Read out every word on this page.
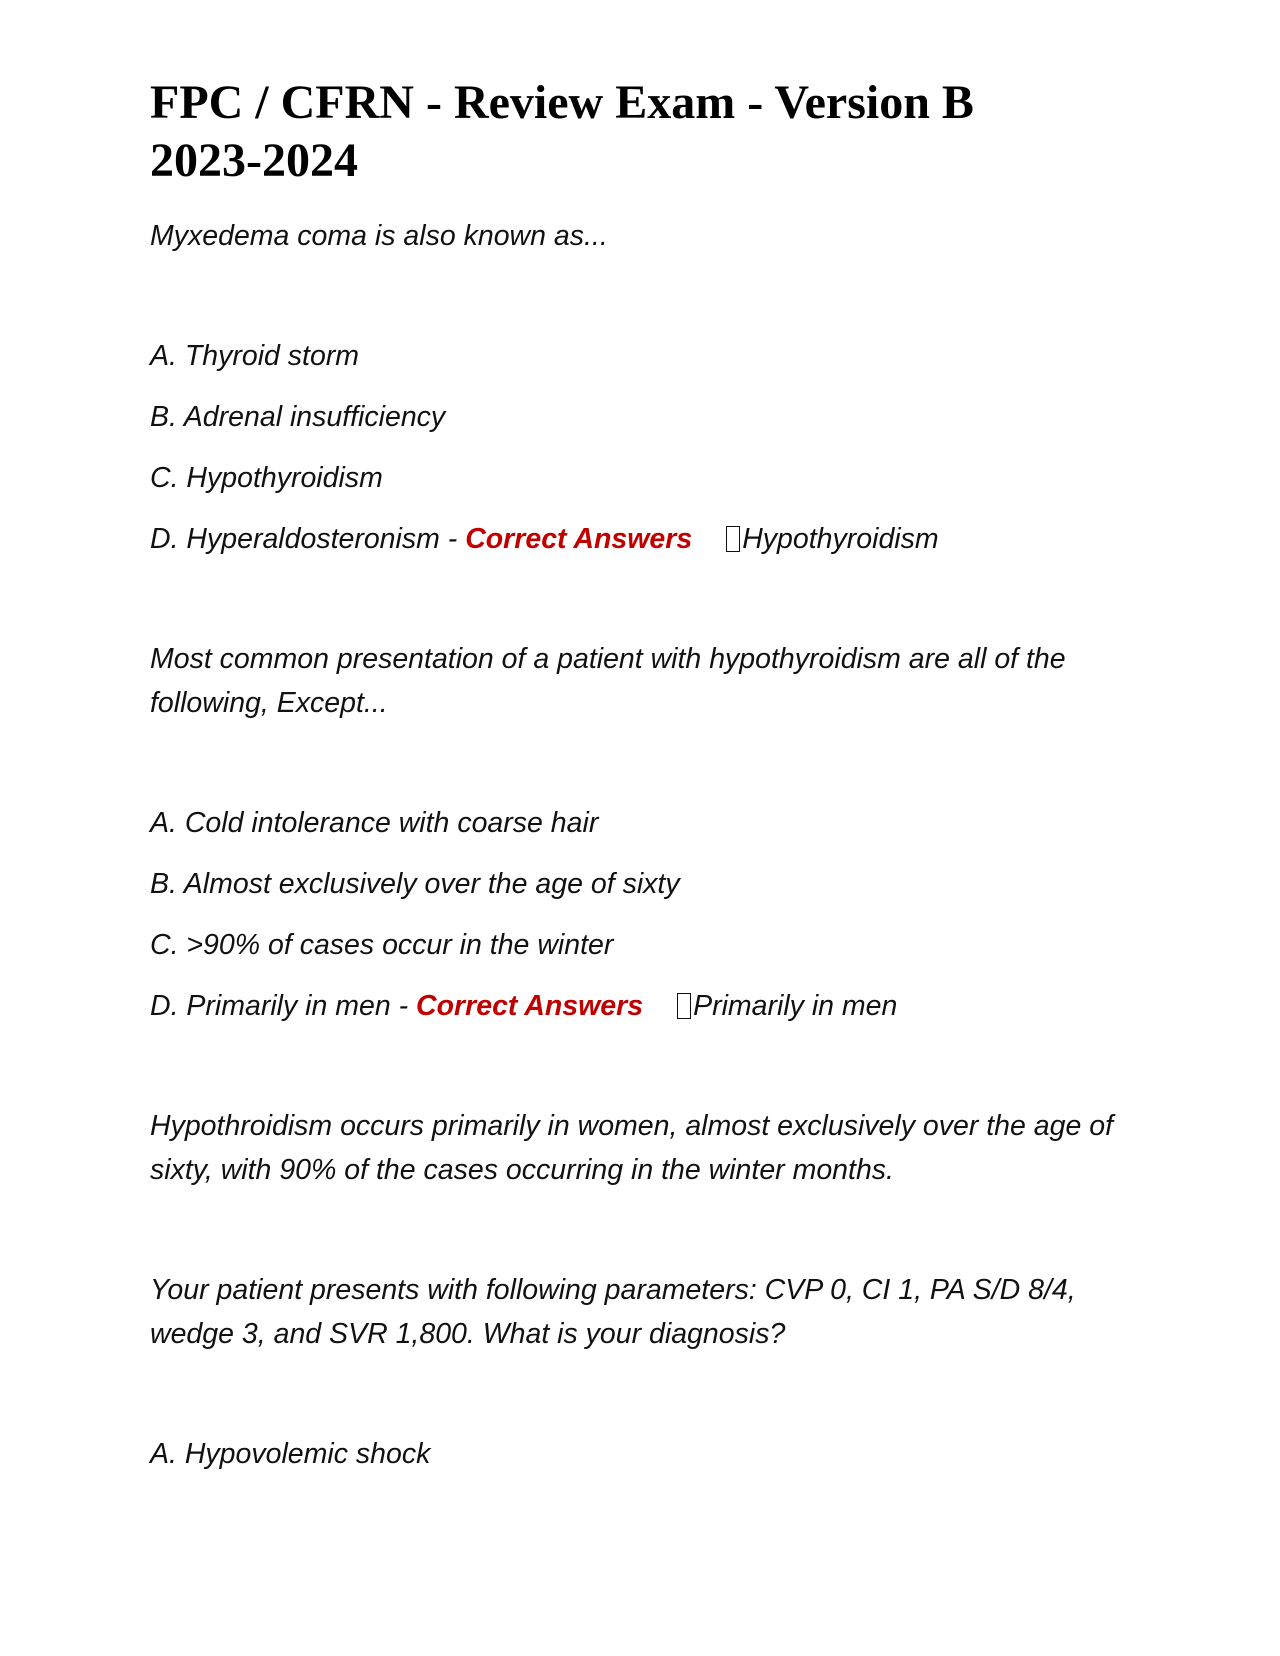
FPC / CFRN - Review Exam - Version B
2023-2024

Myxedema coma is also known as...

A. Thyroid storm

B. Adrenal insufficiency

C. Hypothyroidism

D. Hyperaldosteronism - Correct Answers Hypothyroidism

Most common presentation of a patient with hypothyroidism are all of the following, Except...

A. Cold intolerance with coarse hair

B. Almost exclusively over the age of sixty

C. >90% of cases occur in the winter

D. Primarily in men - Correct Answers Primarily in men

Hypothroidism occurs primarily in women, almost exclusively over the age of sixty, with 90% of the cases occurring in the winter months.

Your patient presents with following parameters: CVP 0, CI 1, PA S/D 8/4, wedge 3, and SVR 1,800. What is your diagnosis?

A. Hypovolemic shock
